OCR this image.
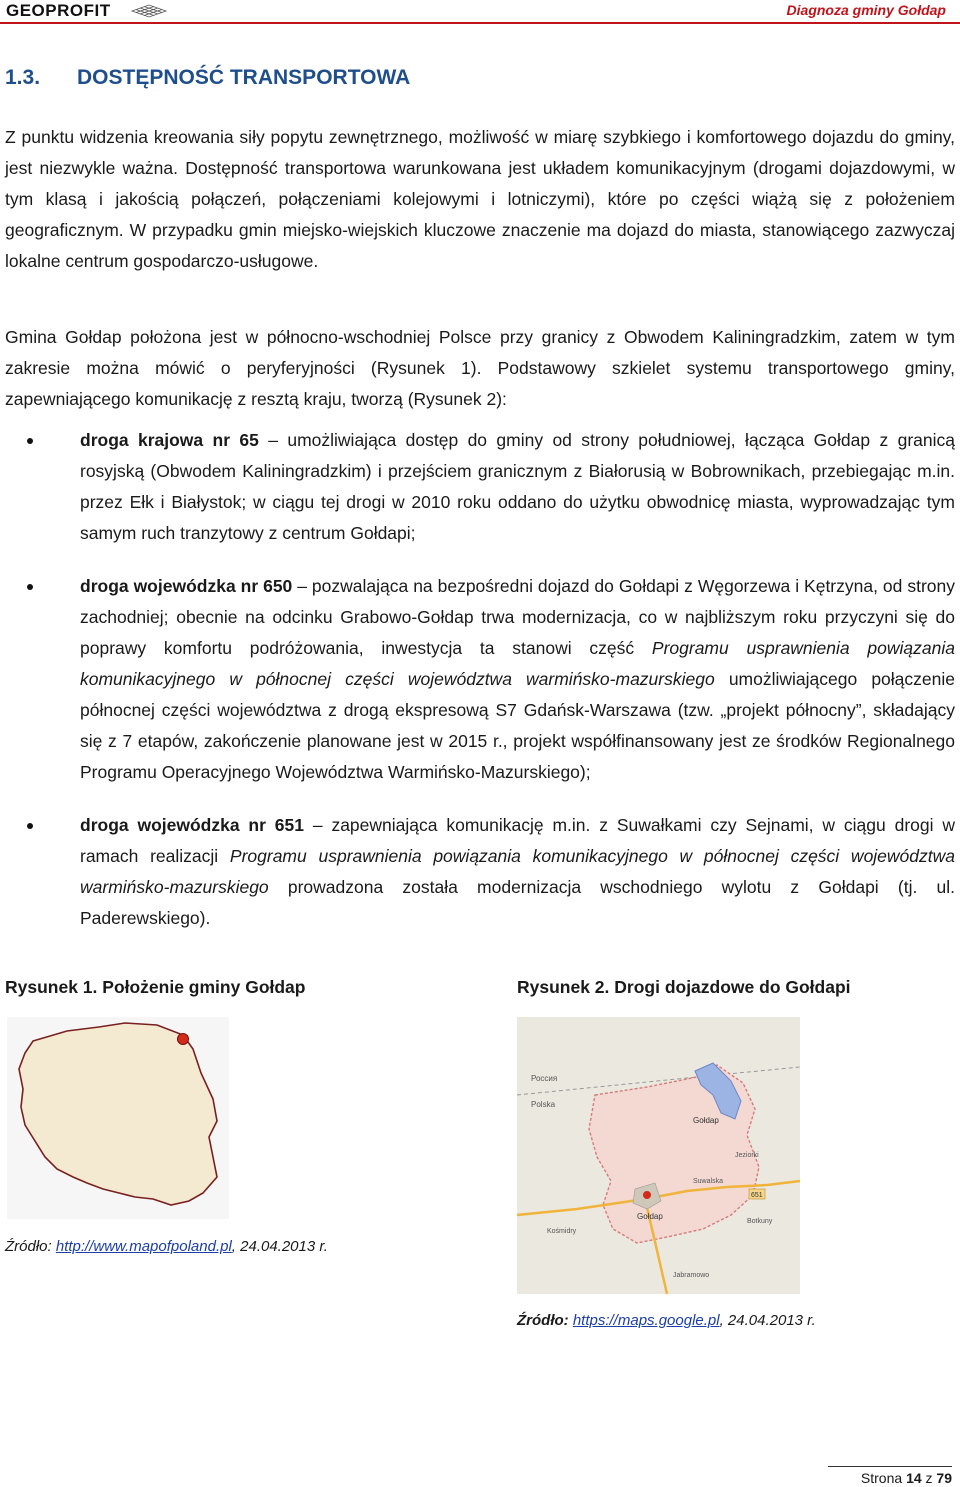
GEOPROFIT	Diagnoza gminy Gołdap
1.3. DOSTĘPNOŚĆ TRANSPORTOWA

Z punktu widzenia kreowania siły popytu zewnętrznego, możliwość w miarę szybkiego i komfortowego dojazdu do gminy, jest niezwykle ważna. Dostępność transportowa warunkowana jest układem komunikacyjnym (drogami dojazdowymi, w tym klasą i jakością połączeń, połączeniami kolejowymi i lotniczymi), które po części wiążą się z położeniem geograficznym. W przypadku gmin miejsko-wiejskich kluczowe znaczenie ma dojazd do miasta, stanowiącego zazwyczaj lokalne centrum gospodarczo-usługowe.

Gmina Gołdap położona jest w północno-wschodniej Polsce przy granicy z Obwodem Kaliningradzkim, zatem w tym zakresie można mówić o peryferyjności (Rysunek 1). Podstawowy szkielet systemu transportowego gminy, zapewniającego komunikację z resztą kraju, tworzą (Rysunek 2):

droga krajowa nr 65 – umożliwiająca dostęp do gminy od strony południowej, łącząca Gołdap z granicą rosyjską (Obwodem Kaliningradzkim) i przejściem granicznym z Białorusią w Bobrownikach, przebiegając m.in. przez Ełk i Białystok; w ciągu tej drogi w 2010 roku oddano do użytku obwodnicę miasta, wyprowadzając tym samym ruch tranzytowy z centrum Gołdapi;
droga wojewódzka nr 650 – pozwalająca na bezpośredni dojazd do Gołdapi z Węgorzewa i Kętrzyna, od strony zachodniej; obecnie na odcinku Grabowo-Gołdap trwa modernizacja, co w najbliższym roku przyczyni się do poprawy komfortu podróżowania, inwestycja ta stanowi część Programu usprawnienia powiązania komunikacyjnego w północnej części województwa warmińsko-mazurskiego umożliwiającego połączenie północnej części województwa z drogą ekspresową S7 Gdańsk-Warszawa (tzw. „projekt północny”, składający się z 7 etapów, zakończenie planowane jest w 2015 r., projekt współfinansowany jest ze środków Regionalnego Programu Operacyjnego Województwa Warmińsko-Mazurskiego);
droga wojewódzka nr 651 – zapewniająca komunikację m.in. z Suwałkami czy Sejnami, w ciągu drogi w ramach realizacji Programu usprawnienia powiązania komunikacyjnego w północnej części województwa warmińsko-mazurskiego prowadzona została modernizacja wschodniego wylotu z Gołdapi (tj. ul. Paderewskiego).
Rysunek 1. Położenie gminy Gołdap	Rysunek 2. Drogi dojazdowe do Gołdapi
Россия
Polska
Gołdap
Gołdap
Suwalska
651
Kośmidry
Botkuny
Jabramowo
Jeziorki
Źródło: http://www.mapofpoland.pl, 24.04.2013 r.
Źródło: https://maps.google.pl, 24.04.2013 r.
Strona 14 z 79
